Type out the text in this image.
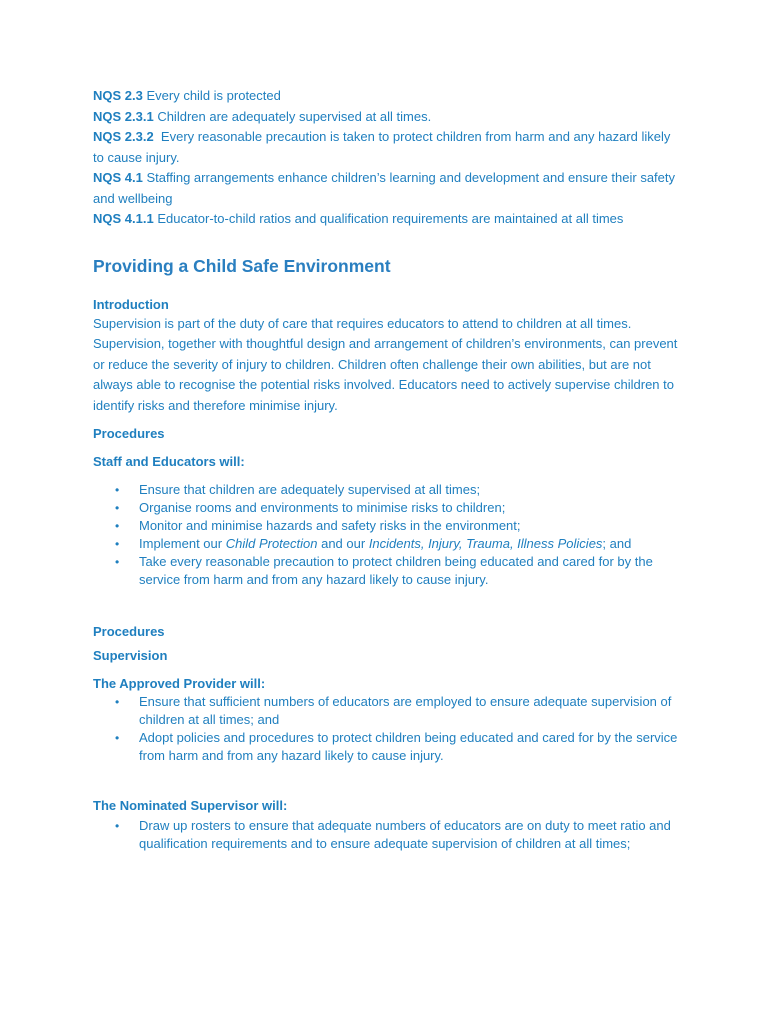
NQS 2.3 Every child is protected

NQS 2.3.1 Children are adequately supervised at all times.

NQS 2.3.2  Every reasonable precaution is taken to protect children from harm and any hazard likely to cause injury.

NQS 4.1 Staffing arrangements enhance children’s learning and development and ensure their safety and wellbeing

NQS 4.1.1 Educator-to-child ratios and qualification requirements are maintained at all times

Providing a Child Safe Environment

Introduction

Supervision is part of the duty of care that requires educators to attend to children at all times. Supervision, together with thoughtful design and arrangement of children’s environments, can prevent or reduce the severity of injury to children. Children often challenge their own abilities, but are not always able to recognise the potential risks involved. Educators need to actively supervise children to identify risks and therefore minimise injury.

Procedures

Staff and Educators will:

• Ensure that children are adequately supervised at all times;
• Organise rooms and environments to minimise risks to children;
• Monitor and minimise hazards and safety risks in the environment;
• Implement our Child Protection and our Incidents, Injury, Trauma, Illness Policies; and
• Take every reasonable precaution to protect children being educated and cared for by the service from harm and from any hazard likely to cause injury.

Procedures

Supervision

The Approved Provider will:

• Ensure that sufficient numbers of educators are employed to ensure adequate supervision of children at all times; and
• Adopt policies and procedures to protect children being educated and cared for by the service from harm and from any hazard likely to cause injury.

The Nominated Supervisor will:

• Draw up rosters to ensure that adequate numbers of educators are on duty to meet ratio and qualification requirements and to ensure adequate supervision of children at all times;
